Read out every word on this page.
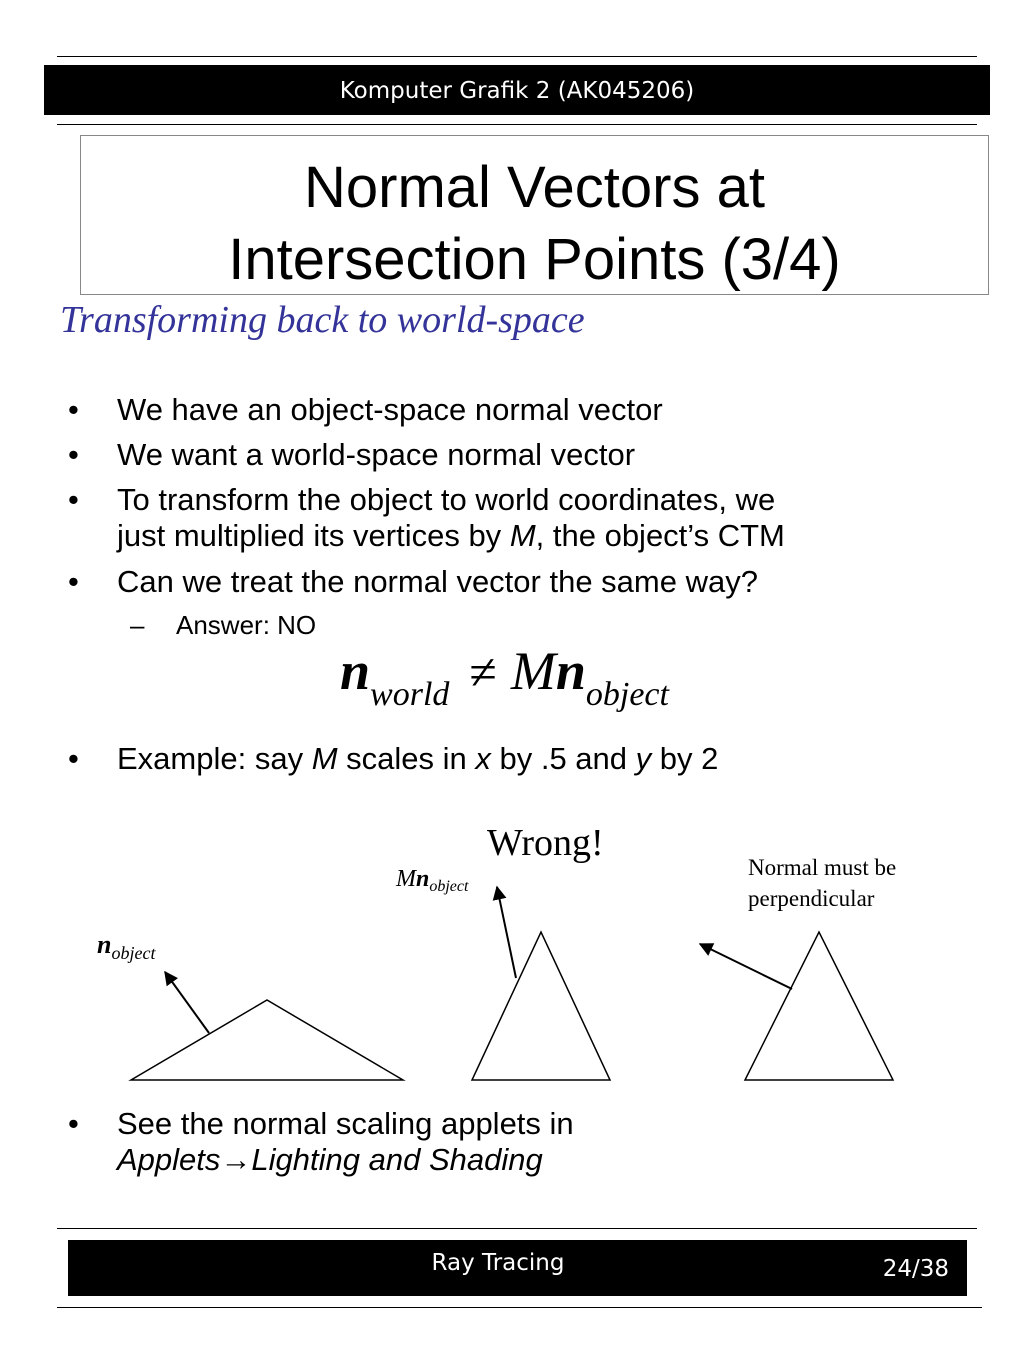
Komputer Grafik 2 (AK045206)
Normal Vectors at
Intersection Points (3/4)
Transforming back to world-space
• We have an object-space normal vector
• We want a world-space normal vector
• To transform the object to world coordinates, we
just multiplied its vertices by M, the object’s CTM
• Can we treat the normal vector the same way?
– Answer: NO
nworld ≠ Mnobject
• Example: say M scales in x by .5 and y by 2
nobject
Mnobject
Wrong!
Normal must be
perpendicular
• See the normal scaling applets in
Applets→Lighting and Shading
Ray Tracing	24/38
